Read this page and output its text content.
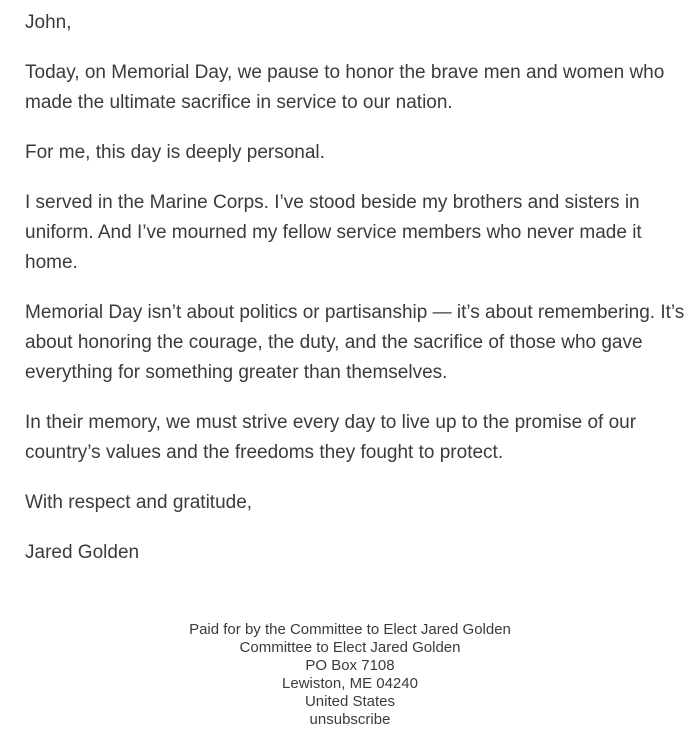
John,

Today, on Memorial Day, we pause to honor the brave men and women who made the ultimate sacrifice in service to our nation.

For me, this day is deeply personal.

I served in the Marine Corps. I’ve stood beside my brothers and sisters in uniform. And I’ve mourned my fellow service members who never made it home.

Memorial Day isn’t about politics or partisanship — it’s about remembering. It’s about honoring the courage, the duty, and the sacrifice of those who gave everything for something greater than themselves.

In their memory, we must strive every day to live up to the promise of our country’s values and the freedoms they fought to protect.

With respect and gratitude,

Jared Golden

Paid for by the Committee to Elect Jared Golden
Committee to Elect Jared Golden
PO Box 7108
Lewiston, ME 04240
United States
unsubscribe
